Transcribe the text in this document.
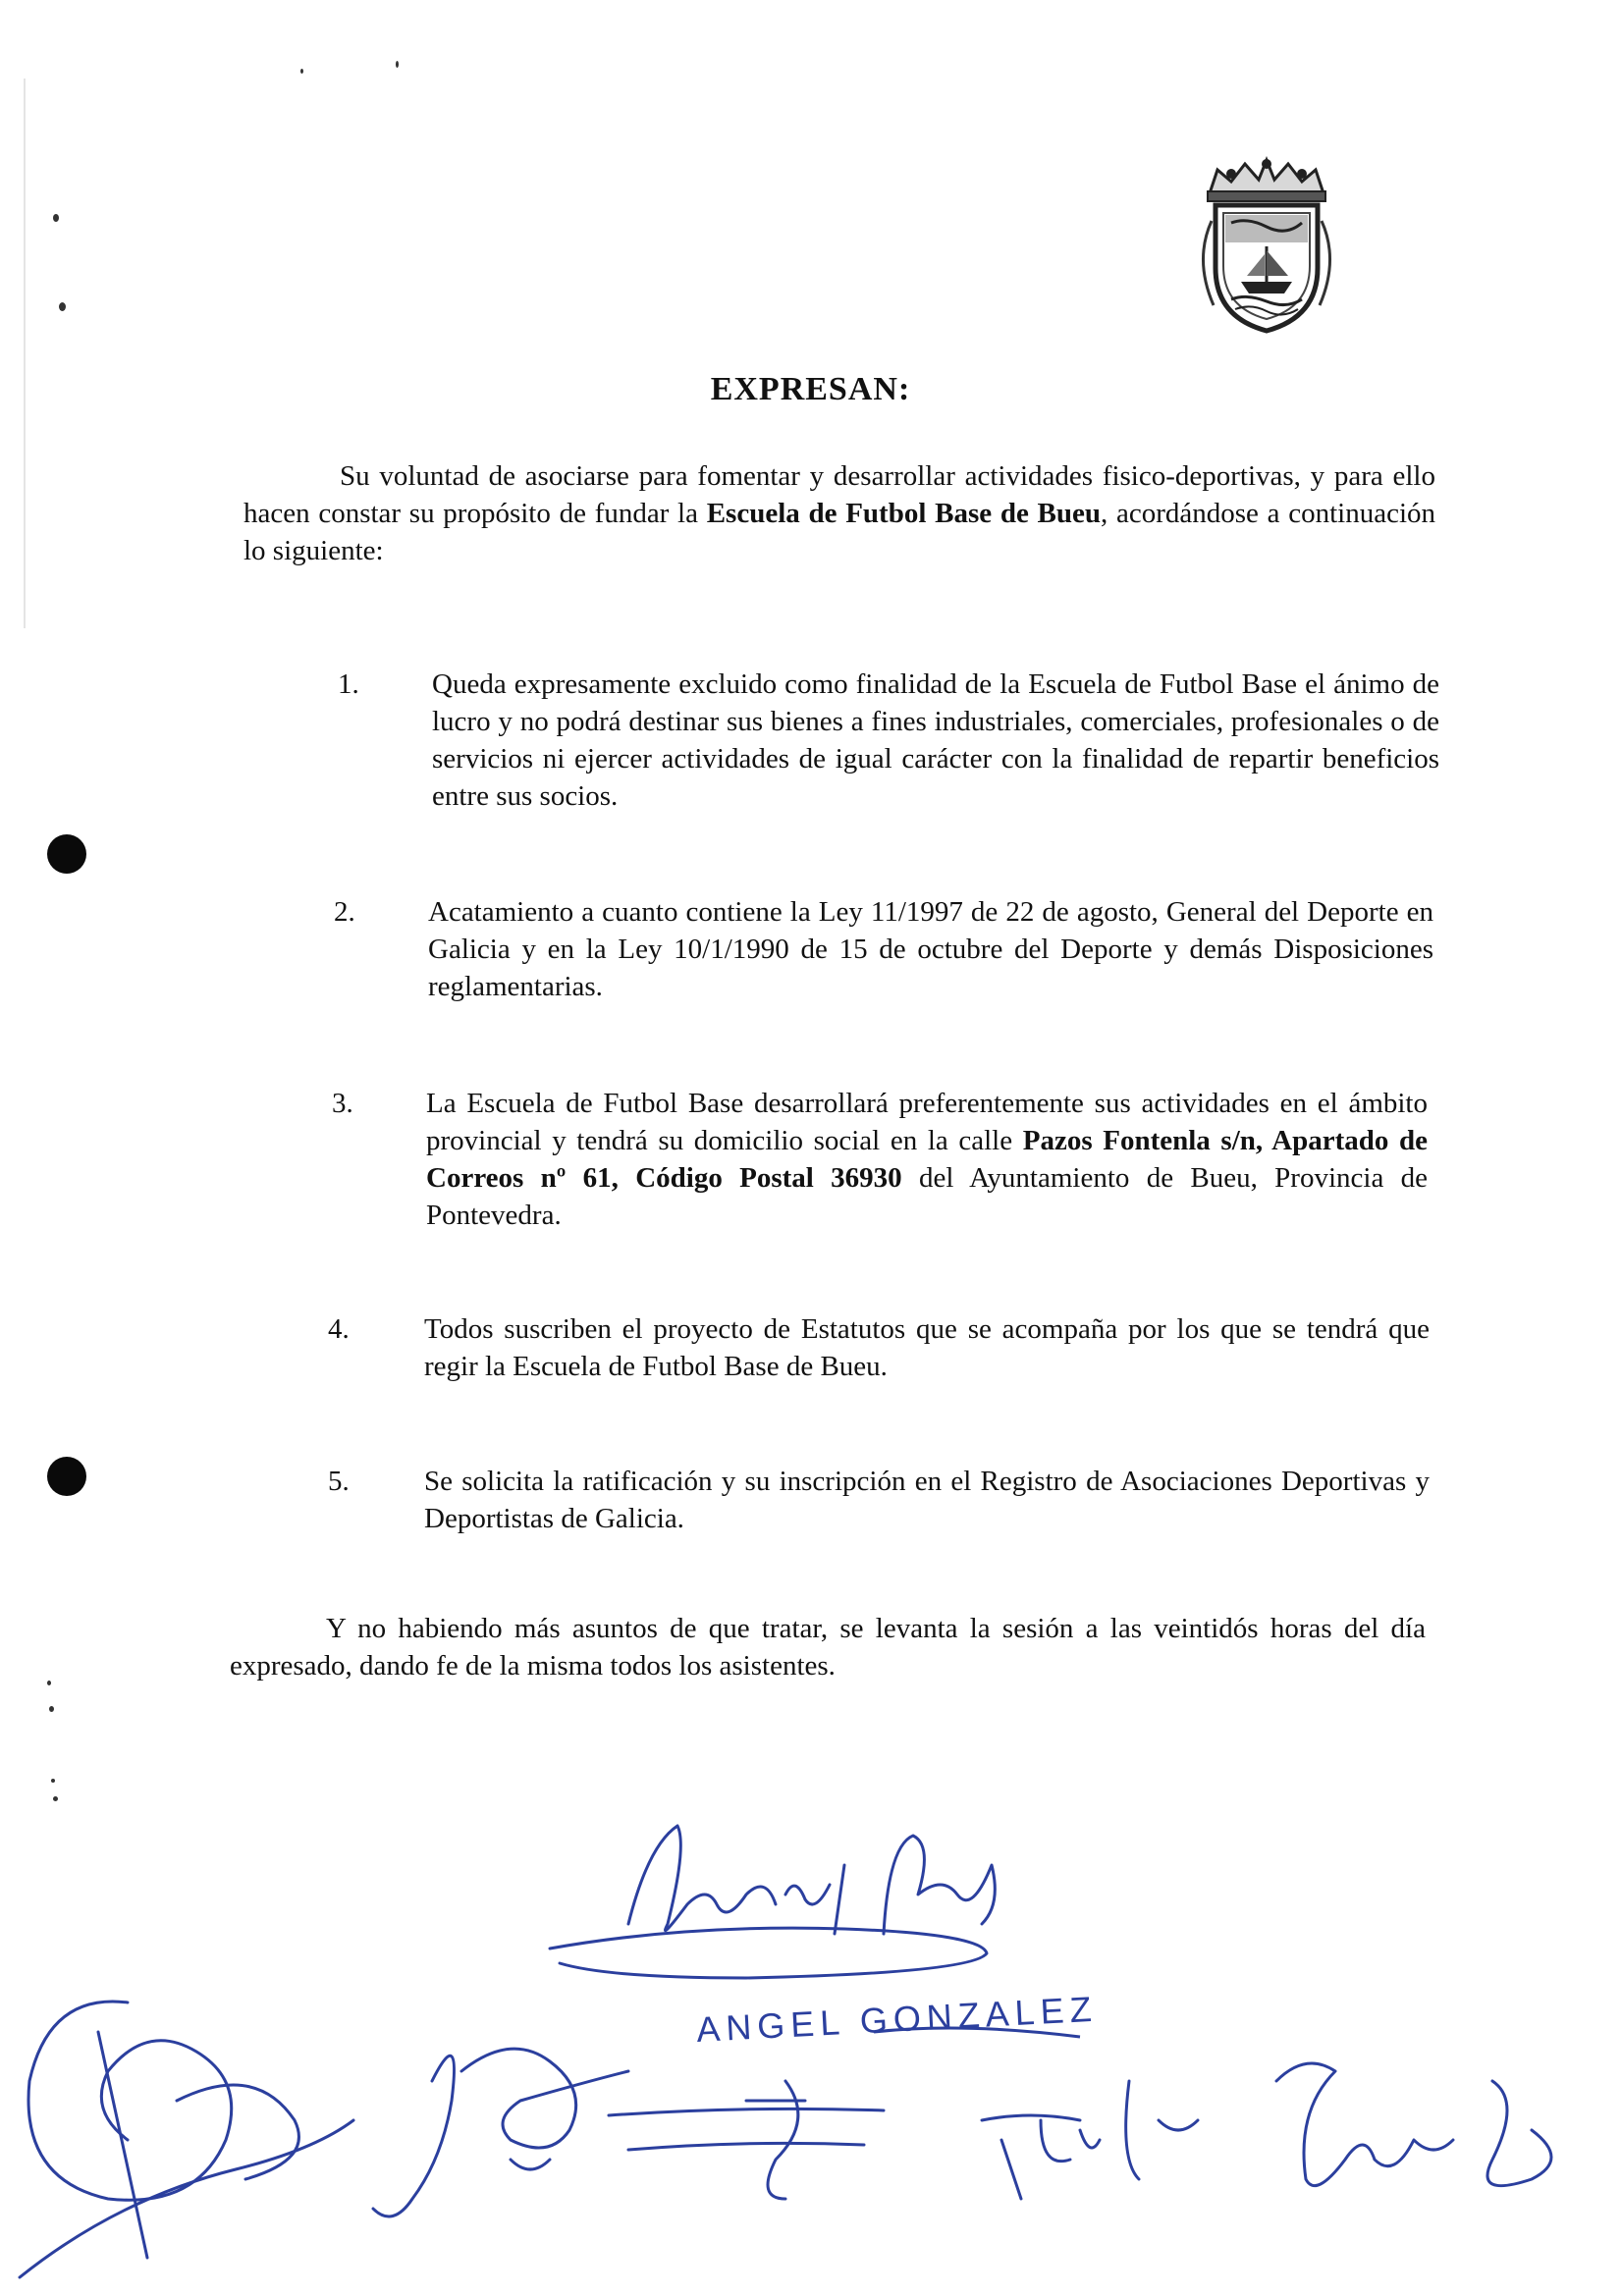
EXPRESAN:
Su voluntad de asociarse para fomentar y desarrollar actividades fisico-deportivas, y para ello hacen constar su propósito de fundar la Escuela de Futbol Base de Bueu, acordándose a continuación lo siguiente:
1.	Queda expresamente excluido como finalidad de la Escuela de Futbol Base el ánimo de lucro y no podrá destinar sus bienes a fines industriales, comerciales, profesionales o de servicios ni ejercer actividades de igual carácter con la finalidad de repartir beneficios entre sus socios.
2.	Acatamiento a cuanto contiene la Ley 11/1997 de 22 de agosto, General del Deporte en Galicia y en la Ley 10/1/1990 de 15 de octubre del Deporte y demás Disposiciones reglamentarias.
3.	La Escuela de Futbol Base desarrollará preferentemente sus actividades en el ámbito provincial y tendrá su domicilio social en la calle Pazos Fontenla s/n, Apartado de Correos nº 61, Código Postal 36930 del Ayuntamiento de Bueu, Provincia de Pontevedra.
4.	Todos suscriben el proyecto de Estatutos que se acompaña por los que se tendrá que regir la Escuela de Futbol Base de Bueu.
5.	Se solicita la ratificación y su inscripción en el Registro de Asociaciones Deportivas y Deportistas de Galicia.
Y no habiendo más asuntos de que tratar, se levanta la sesión a las veintidós horas del día expresado, dando fe de la misma todos los asistentes.
ANGEL GONZALEZ
